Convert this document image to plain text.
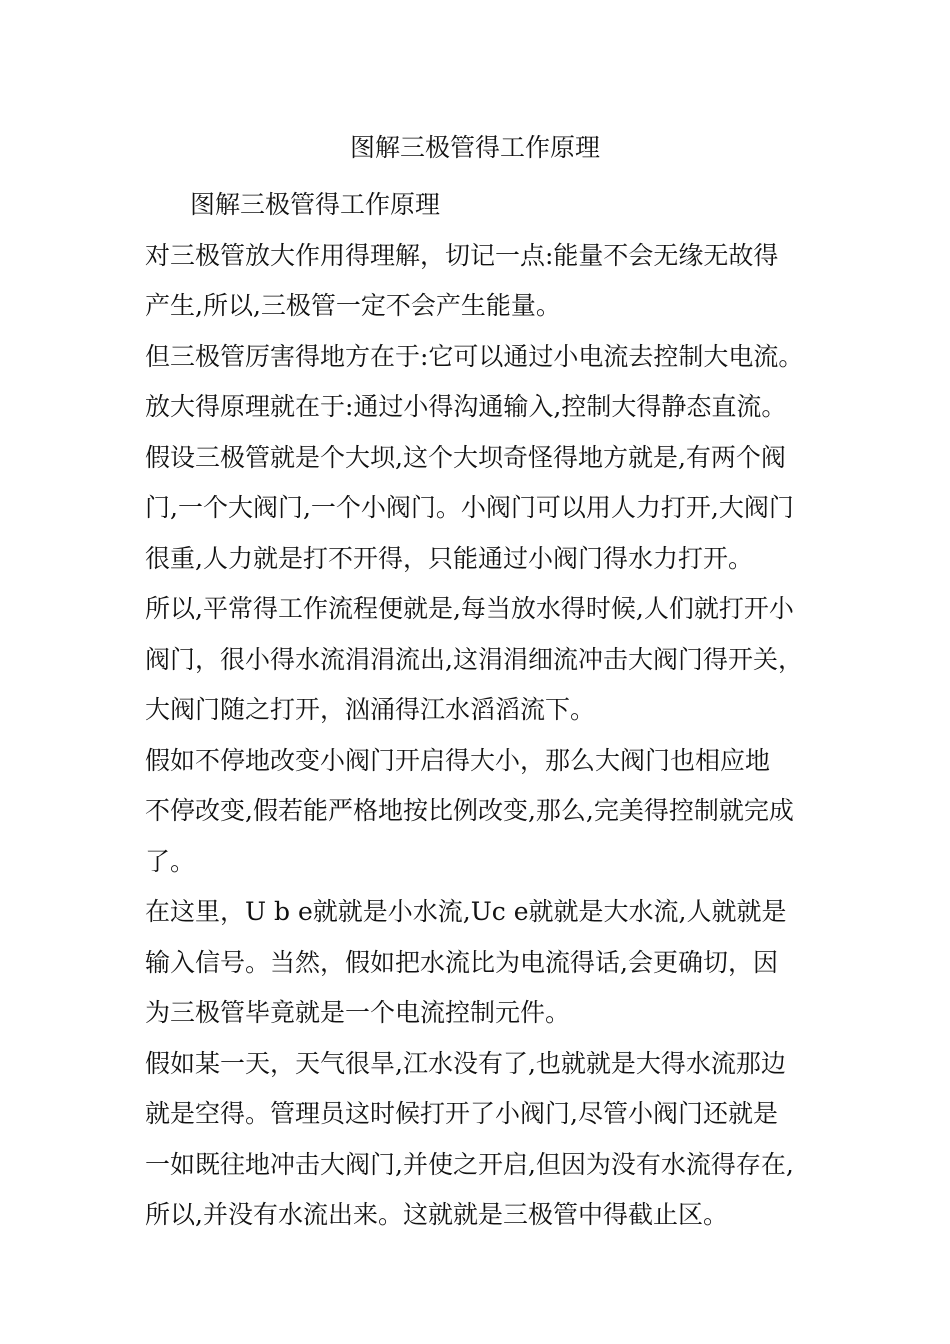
图解三极管得工作原理
图解三极管得工作原理
对三极管放大作用得理解，切记一点:能量不会无缘无故得
产生,所以,三极管一定不会产生能量。
但三极管厉害得地方在于:它可以通过小电流去控制大电流。
放大得原理就在于:通过小得沟通输入,控制大得静态直流。
假设三极管就是个大坝,这个大坝奇怪得地方就是,有两个阀
门,一个大阀门,一个小阀门。小阀门可以用人力打开,大阀门
很重,人力就是打不开得，只能通过小阀门得水力打开。
所以,平常得工作流程便就是,每当放水得时候,人们就打开小
阀门，很小得水流涓涓流出,这涓涓细流冲击大阀门得开关，
大阀门随之打开，汹涌得江水滔滔流下。
假如不停地改变小阀门开启得大小，那么大阀门也相应地
不停改变,假若能严格地按比例改变,那么,完美得控制就完成
了。
在这里，U b e就就是小水流,Uc e就就是大水流,人就就是
输入信号。当然，假如把水流比为电流得话,会更确切，因
为三极管毕竟就是一个电流控制元件。
假如某一天，天气很旱,江水没有了,也就就是大得水流那边
就是空得。管理员这时候打开了小阀门,尽管小阀门还就是
一如既往地冲击大阀门,并使之开启,但因为没有水流得存在,
所以,并没有水流出来。这就就是三极管中得截止区。
